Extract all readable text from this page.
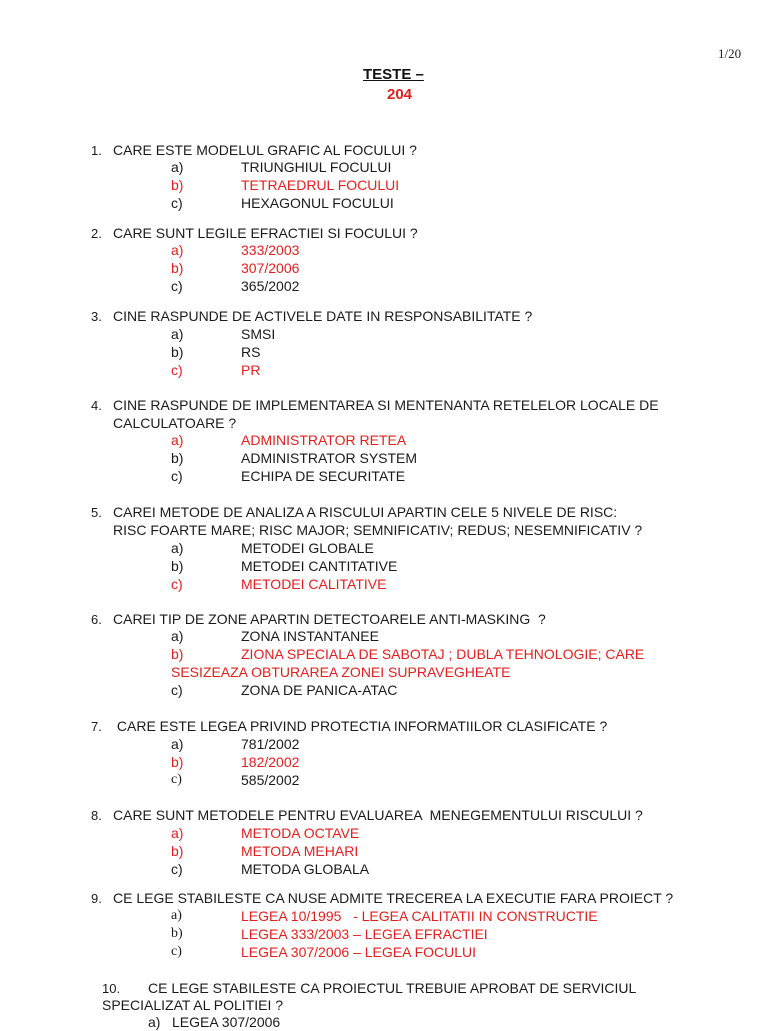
1/20
TESTE –
204
1. CARE ESTE MODELUL GRAFIC AL FOCULUI ?
a)	TRIUNGHIUL FOCULUI
b)	TETRAEDRUL FOCULUI
c)	HEXAGONUL FOCULUI
2. CARE SUNT LEGILE EFRACTIEI SI FOCULUI ?
a)	333/2003
b)	307/2006
c)	365/2002
3. CINE RASPUNDE DE ACTIVELE DATE IN RESPONSABILITATE ?
a)	SMSI
b)	RS
c)	PR
4. CINE RASPUNDE DE IMPLEMENTAREA SI MENTENANTA RETELELOR LOCALE DE
CALCULATOARE ?
a)	ADMINISTRATOR RETEA
b)	ADMINISTRATOR SYSTEM
c)	ECHIPA DE SECURITATE
5. CAREI METODE DE ANALIZA A RISCULUI APARTIN CELE 5 NIVELE DE RISC:
RISC FOARTE MARE; RISC MAJOR; SEMNIFICATIV; REDUS; NESEMNIFICATIV ?
a)	METODEI GLOBALE
b)	METODEI CANTITATIVE
c)	METODEI CALITATIVE
6. CAREI TIP DE ZONE APARTIN DETECTOARELE ANTI-MASKING  ?
a)	ZONA INSTANTANEE
b)	ZIONA SPECIALA DE SABOTAJ ; DUBLA TEHNOLOGIE; CARE
SESIZEAZA OBTURAREA ZONEI SUPRAVEGHEATE
c)	ZONA DE PANICA-ATAC
7. CARE ESTE LEGEA PRIVIND PROTECTIA INFORMATIILOR CLASIFICATE ?
a)	781/2002
b)	182/2002
c)	585/2002
8. CARE SUNT METODELE PENTRU EVALUAREA  MENEGEMENTULUI RISCULUI ?
a)	METODA OCTAVE
b)	METODA MEHARI
c)	METODA GLOBALA
9. CE LEGE STABILESTE CA NUSE ADMITE TRECEREA LA EXECUTIE FARA PROIECT ?
a)	LEGEA 10/1995   - LEGEA CALITATII IN CONSTRUCTIE
b)	LEGEA 333/2003 – LEGEA EFRACTIEI
c)	LEGEA 307/2006 – LEGEA FOCULUI
10. CE LEGE STABILESTE CA PROIECTUL TREBUIE APROBAT DE SERVICIUL
SPECIALIZAT AL POLITIEI ?
a) LEGEA 307/2006
